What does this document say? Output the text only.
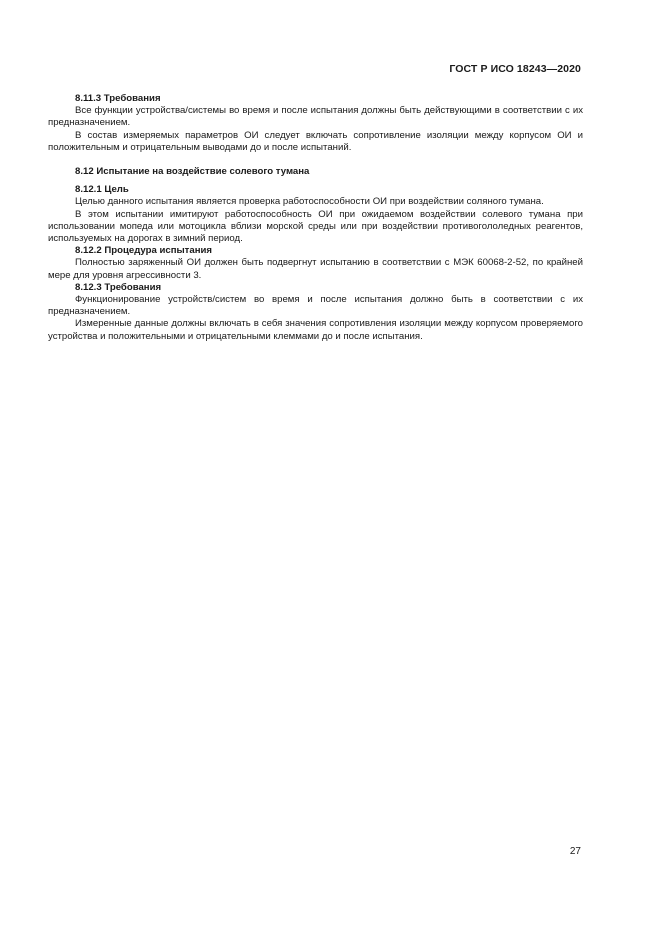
ГОСТ Р ИСО 18243—2020

8.11.3 Требования

Все функции устройства/системы во время и после испытания должны быть действующими в соответствии с их предназначением.

В состав измеряемых параметров ОИ следует включать сопротивление изоляции между корпусом ОИ и положительным и отрицательным выводами до и после испытаний.

8.12 Испытание на воздействие солевого тумана

8.12.1 Цель

Целью данного испытания является проверка работоспособности ОИ при воздействии соляного тумана.

В этом испытании имитируют работоспособность ОИ при ожидаемом воздействии солевого тумана при использовании мопеда или мотоцикла вблизи морской среды или при воздействии противогололедных реагентов, используемых на дорогах в зимний период.

8.12.2 Процедура испытания

Полностью заряженный ОИ должен быть подвергнут испытанию в соответствии с МЭК 60068-2-52, по крайней мере для уровня агрессивности 3.

8.12.3 Требования

Функционирование устройств/систем во время и после испытания должно быть в соответствии с их предназначением.

Измеренные данные должны включать в себя значения сопротивления изоляции между корпусом проверяемого устройства и положительными и отрицательными клеммами до и после испытания.

27
